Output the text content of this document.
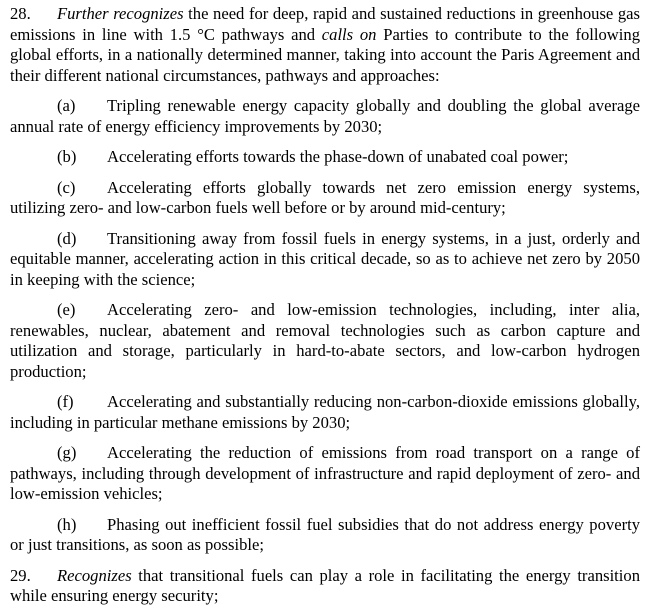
28. Further recognizes the need for deep, rapid and sustained reductions in greenhouse gas emissions in line with 1.5 °C pathways and calls on Parties to contribute to the following global efforts, in a nationally determined manner, taking into account the Paris Agreement and their different national circumstances, pathways and approaches:

(a) Tripling renewable energy capacity globally and doubling the global average annual rate of energy efficiency improvements by 2030;

(b) Accelerating efforts towards the phase-down of unabated coal power;

(c) Accelerating efforts globally towards net zero emission energy systems, utilizing zero- and low-carbon fuels well before or by around mid-century;

(d) Transitioning away from fossil fuels in energy systems, in a just, orderly and equitable manner, accelerating action in this critical decade, so as to achieve net zero by 2050 in keeping with the science;

(e) Accelerating zero- and low-emission technologies, including, inter alia, renewables, nuclear, abatement and removal technologies such as carbon capture and utilization and storage, particularly in hard-to-abate sectors, and low-carbon hydrogen production;

(f) Accelerating and substantially reducing non-carbon-dioxide emissions globally, including in particular methane emissions by 2030;

(g) Accelerating the reduction of emissions from road transport on a range of pathways, including through development of infrastructure and rapid deployment of zero- and low-emission vehicles;

(h) Phasing out inefficient fossil fuel subsidies that do not address energy poverty or just transitions, as soon as possible;

29. Recognizes that transitional fuels can play a role in facilitating the energy transition while ensuring energy security;
